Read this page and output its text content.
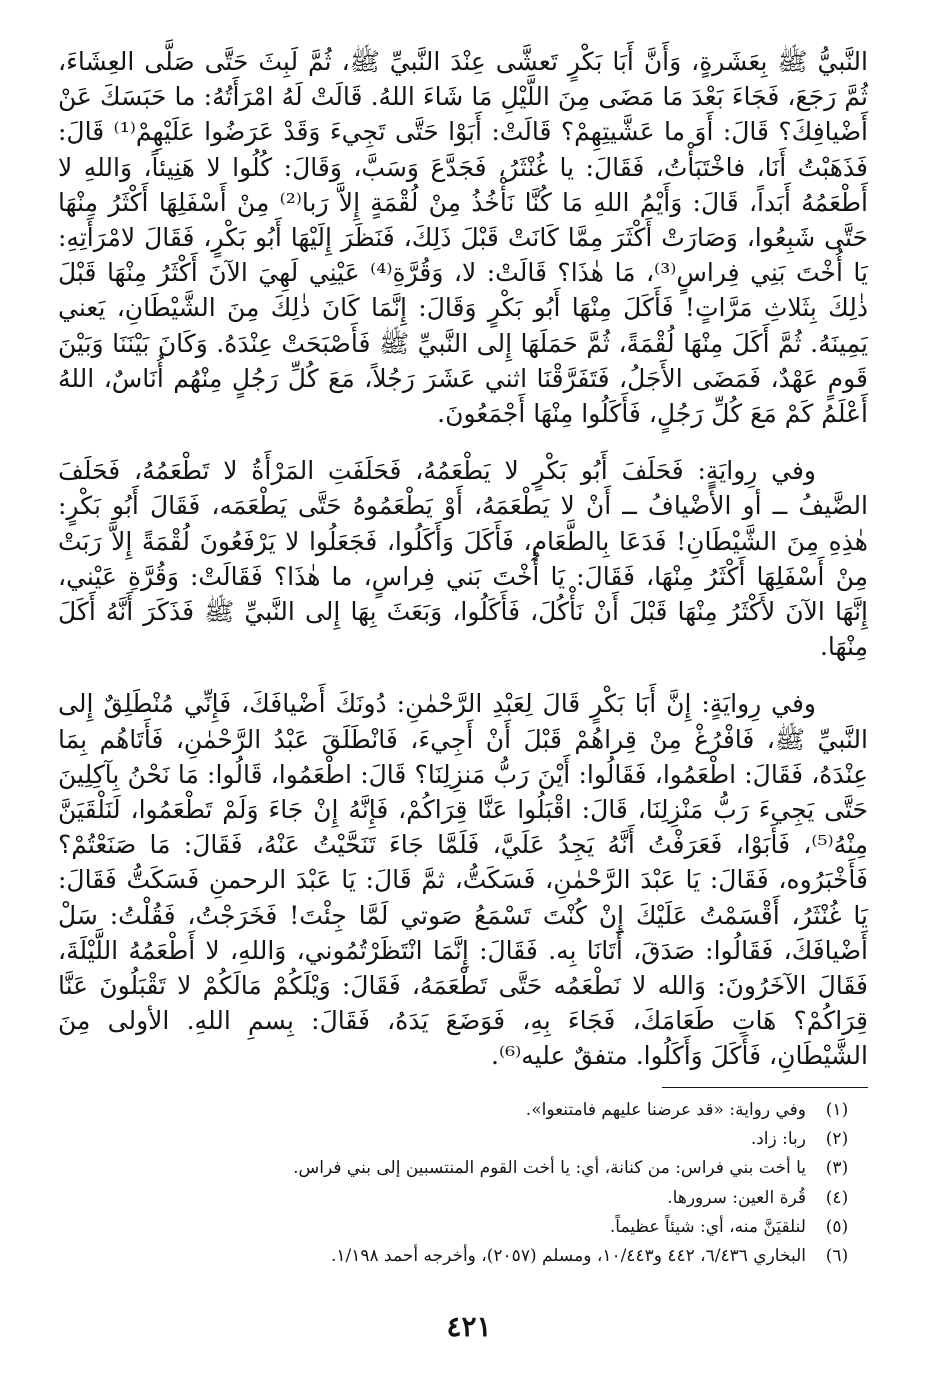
النَّبيُّ ﷺ بِعَشَرةٍ، وَأَنَّ أَبَا بَكْرٍ تَعشَّى عِنْدَ النَّبيِّ ﷺ، ثُمَّ لَبِثَ حَتَّى صَلَّى العِشَاءَ، ثُمَّ رَجَعَ، فَجَاءَ بَعْدَ مَا مَضَى مِنَ اللَّيْلِ مَا شَاءَ اللهُ. قَالَتْ لَهُ امْرَأَتُهُ: ما حَبَسَكَ عَنْ أَضْيافِكَ؟ قَالَ: أَوَ ما عَشَّيتِهِمْ؟ قَالَتْ: أَبَوْا حَتَّى تَجِيءَ وَقَدْ عَرَضُوا عَلَيْهِمْ⁽¹⁾ قَالَ: فَذَهَبْتُ أَنَا، فاخْتَبَأْتُ، فَقَالَ: يا غُنْثَرُ، فَجَدَّعَ وَسَبَّ، وَقَالَ: كُلُوا لا هَنِيئاً، وَاللهِ لا أَطْعَمُهُ أَبَداً، قَالَ: وَأَيْمُ اللهِ مَا كُنَّا نَأْخُذُ مِنْ لُقْمَةٍ إِلاَّ رَبا⁽²⁾ مِنْ أَسْفَلِهَا أَكْثَرُ مِنْهَا حَتَّى شَبِعُوا، وَصَارَتْ أَكْثَرَ مِمَّا كَانَتْ قَبْلَ ذَلِكَ، فَنَظَرَ إِلَيْهَا أَبُو بَكْرٍ، فَقَالَ لامْرَأَتِهِ: يَا أُخْتَ بَنِي فِراسٍ⁽³⁾، مَا هٰذَا؟ قَالَتْ: لا، وَقُرَّةِ⁽⁴⁾ عَيْنِي لَهِيَ الآنَ أَكْثَرُ مِنْهَا قَبْلَ ذٰلِكَ بِثَلاثِ مَرَّاتٍ! فَأَكَلَ مِنْهَا أَبُو بَكْرٍ وَقَالَ: إِنَّمَا كَانَ ذٰلِكَ مِنَ الشَّيْطَانِ، يَعني يَمِينَهُ. ثُمَّ أَكَلَ مِنْهَا لُقْمَةً، ثُمَّ حَمَلَهَا إِلى النَّبيِّ ﷺ فَأَصْبَحَتْ عِنْدَهُ. وَكَانَ بَيْنَنَا وَبَيْنَ قَومٍ عَهْدٌ، فَمَضَى الأَجَلُ، فَتَفَرَّقْنَا اثني عَشَرَ رَجُلاً، مَعَ كُلِّ رَجُلٍ مِنْهُم أُنَاسٌ، اللهُ أَعْلَمُ كَمْ مَعَ كُلِّ رَجُلٍ، فَأَكَلُوا مِنْهَا أَجْمَعُونَ.

وفي رِوايَةٍ: فَحَلَفَ أَبُو بَكْرٍ لا يَطْعَمُهُ، فَحَلَفَتِ المَرْأَةُ لا تَطْعَمُهُ، فَحَلَفَ الضَّيفُ ــ أو الأَضْيافُ ــ أَنْ لا يَطْعَمَهُ، أَوْ يَطْعَمُوهُ حَتَّى يَطْعَمَه، فَقَالَ أَبُو بَكْرٍ: هٰذِهِ مِنَ الشَّيْطَانِ! فَدَعَا بِالطَّعَامِ، فَأَكَلَ وَأَكَلُوا، فَجَعَلُوا لا يَرْفَعُونَ لُقْمَةً إِلاَّ رَبَتْ مِنْ أَسْفَلِهَا أَكْثَرُ مِنْهَا، فَقَالَ: يَا أُخْتَ بَني فِراسٍ، ما هٰذَا؟ فَقَالَتْ: وَقُرَّةِ عَيْني، إِنَّهَا الآنَ لأَكْثَرُ مِنْهَا قَبْلَ أَنْ نَأْكُلَ، فَأَكَلُوا، وَبَعَثَ بِهَا إِلى النَّبيِّ ﷺ فَذَكَرَ أَنَّهُ أَكَلَ مِنْهَا.

وفي رِوايَةٍ: إِنَّ أَبَا بَكْرٍ قَالَ لِعَبْدِ الرَّحْمٰنِ: دُونَكَ أَضْيافَكَ، فَإِنِّي مُنْطَلِقٌ إِلى النَّبيِّ ﷺ، فَافْرُغْ مِنْ قِراهُمْ قَبْلَ أَنْ أَجِيءَ، فَانْطَلَقَ عَبْدُ الرَّحْمٰنِ، فَأَتَاهُم بِمَا عِنْدَهُ، فَقَالَ: اطْعَمُوا، فَقَالُوا: أَيْنَ رَبُّ مَنزِلِنَا؟ قَالَ: اطْعَمُوا، قَالُوا: مَا نَحْنُ بِآكِلِينَ حَتَّى يَجِيءَ رَبُّ مَنْزِلِنَا، قَالَ: اقْبَلُوا عَنَّا قِرَاكُمْ، فَإِنَّهُ إِنْ جَاءَ وَلَمْ تَطْعَمُوا، لَنَلْقَيَنَّ مِنْهُ⁽⁵⁾، فَأَبَوْا، فَعَرَفْتُ أَنَّهُ يَجِدُ عَلَيَّ، فَلَمَّا جَاءَ تَنَحَّيْتُ عَنْهُ، فَقَالَ: مَا صَنَعْتُمْ؟ فَأَخْبَرُوه، فَقَالَ: يَا عَبْدَ الرَّحْمٰنِ، فَسَكَتُّ، ثمَّ قَالَ: يَا عَبْدَ الرحمنِ فَسَكَتُّ فَقَالَ: يَا غُنْثَرُ، أَقْسَمْتُ عَلَيْكَ إِنْ كُنْتَ تَسْمَعُ صَوتي لَمَّا جِئْتَ! فَخَرَجْتُ، فَقُلْتُ: سَلْ أَضْيافَكَ، فَقَالُوا: صَدَقَ، أَتَانَا بِه. فَقَالَ: إِنَّمَا انْتَظَرْتُمُوني، وَاللهِ، لا أَطْعَمُهُ اللَّيْلَةَ، فَقَالَ الآخَرُونَ: وَالله لا نَطْعَمُه حَتَّى تَطْعَمَهُ، فَقَالَ: وَيْلَكُمْ مَالَكُمْ لا تَقْبَلُونَ عَنَّا قِرَاكُمْ؟ هَاتِ طَعَامَكَ، فَجَاءَ بِهِ، فَوَضَعَ يَدَهُ، فَقَالَ: بِسمِ اللهِ. الأولى مِنَ الشَّيْطَانِ، فَأَكَلَ وَأَكَلُوا. متفقٌ عليه⁽⁶⁾.

(١)
وفي رواية: «قد عرضنا عليهم فامتنعوا».
(٢)
ربا: زاد.
(٣)
يا أخت بني فراس: من كنانة، أي: يا أخت القوم المنتسبين إلى بني فراس.
(٤)
قُرة العين: سرورها.
(٥)
لنلقيَنَّ منه، أي: شيئاً عظيماً.
(٦)
البخاري ٦/٤٣٦، ٤٤٢ و١٠/٤٤٣، ومسلم (٢٠٥٧)، وأخرجه أحمد ١/١٩٨.
٤٢١
